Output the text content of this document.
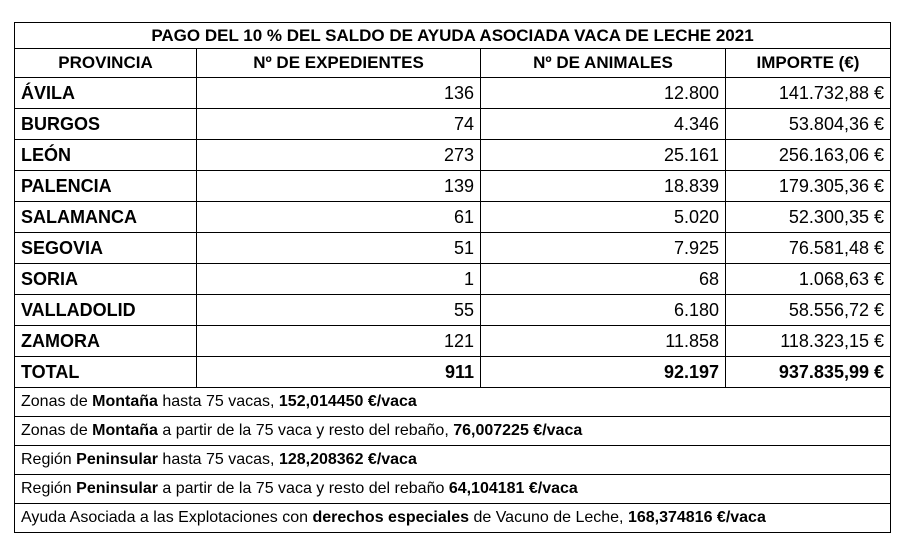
PAGO DEL 10 % DEL SALDO DE AYUDA ASOCIADA VACA DE LECHE 2021			
PROVINCIA	Nº DE EXPEDIENTES	Nº DE ANIMALES	IMPORTE (€)
ÁVILA	136	12.800	141.732,88 €
BURGOS	74	4.346	53.804,36 €
LEÓN	273	25.161	256.163,06 €
PALENCIA	139	18.839	179.305,36 €
SALAMANCA	61	5.020	52.300,35 €
SEGOVIA	51	7.925	76.581,48 €
SORIA	1	68	1.068,63 €
VALLADOLID	55	6.180	58.556,72 €
ZAMORA	121	11.858	118.323,15 €
TOTAL	911	92.197	937.835,99 €
Zonas de Montaña hasta 75 vacas, 152,014450 €/vaca			
Zonas de Montaña a partir de la 75 vaca y resto del rebaño, 76,007225 €/vaca			
Región Peninsular hasta 75 vacas, 128,208362 €/vaca			
Región Peninsular a partir de la 75 vaca y resto del rebaño 64,104181 €/vaca			
Ayuda Asociada a las Explotaciones con derechos especiales de Vacuno de Leche, 168,374816 €/vaca			
